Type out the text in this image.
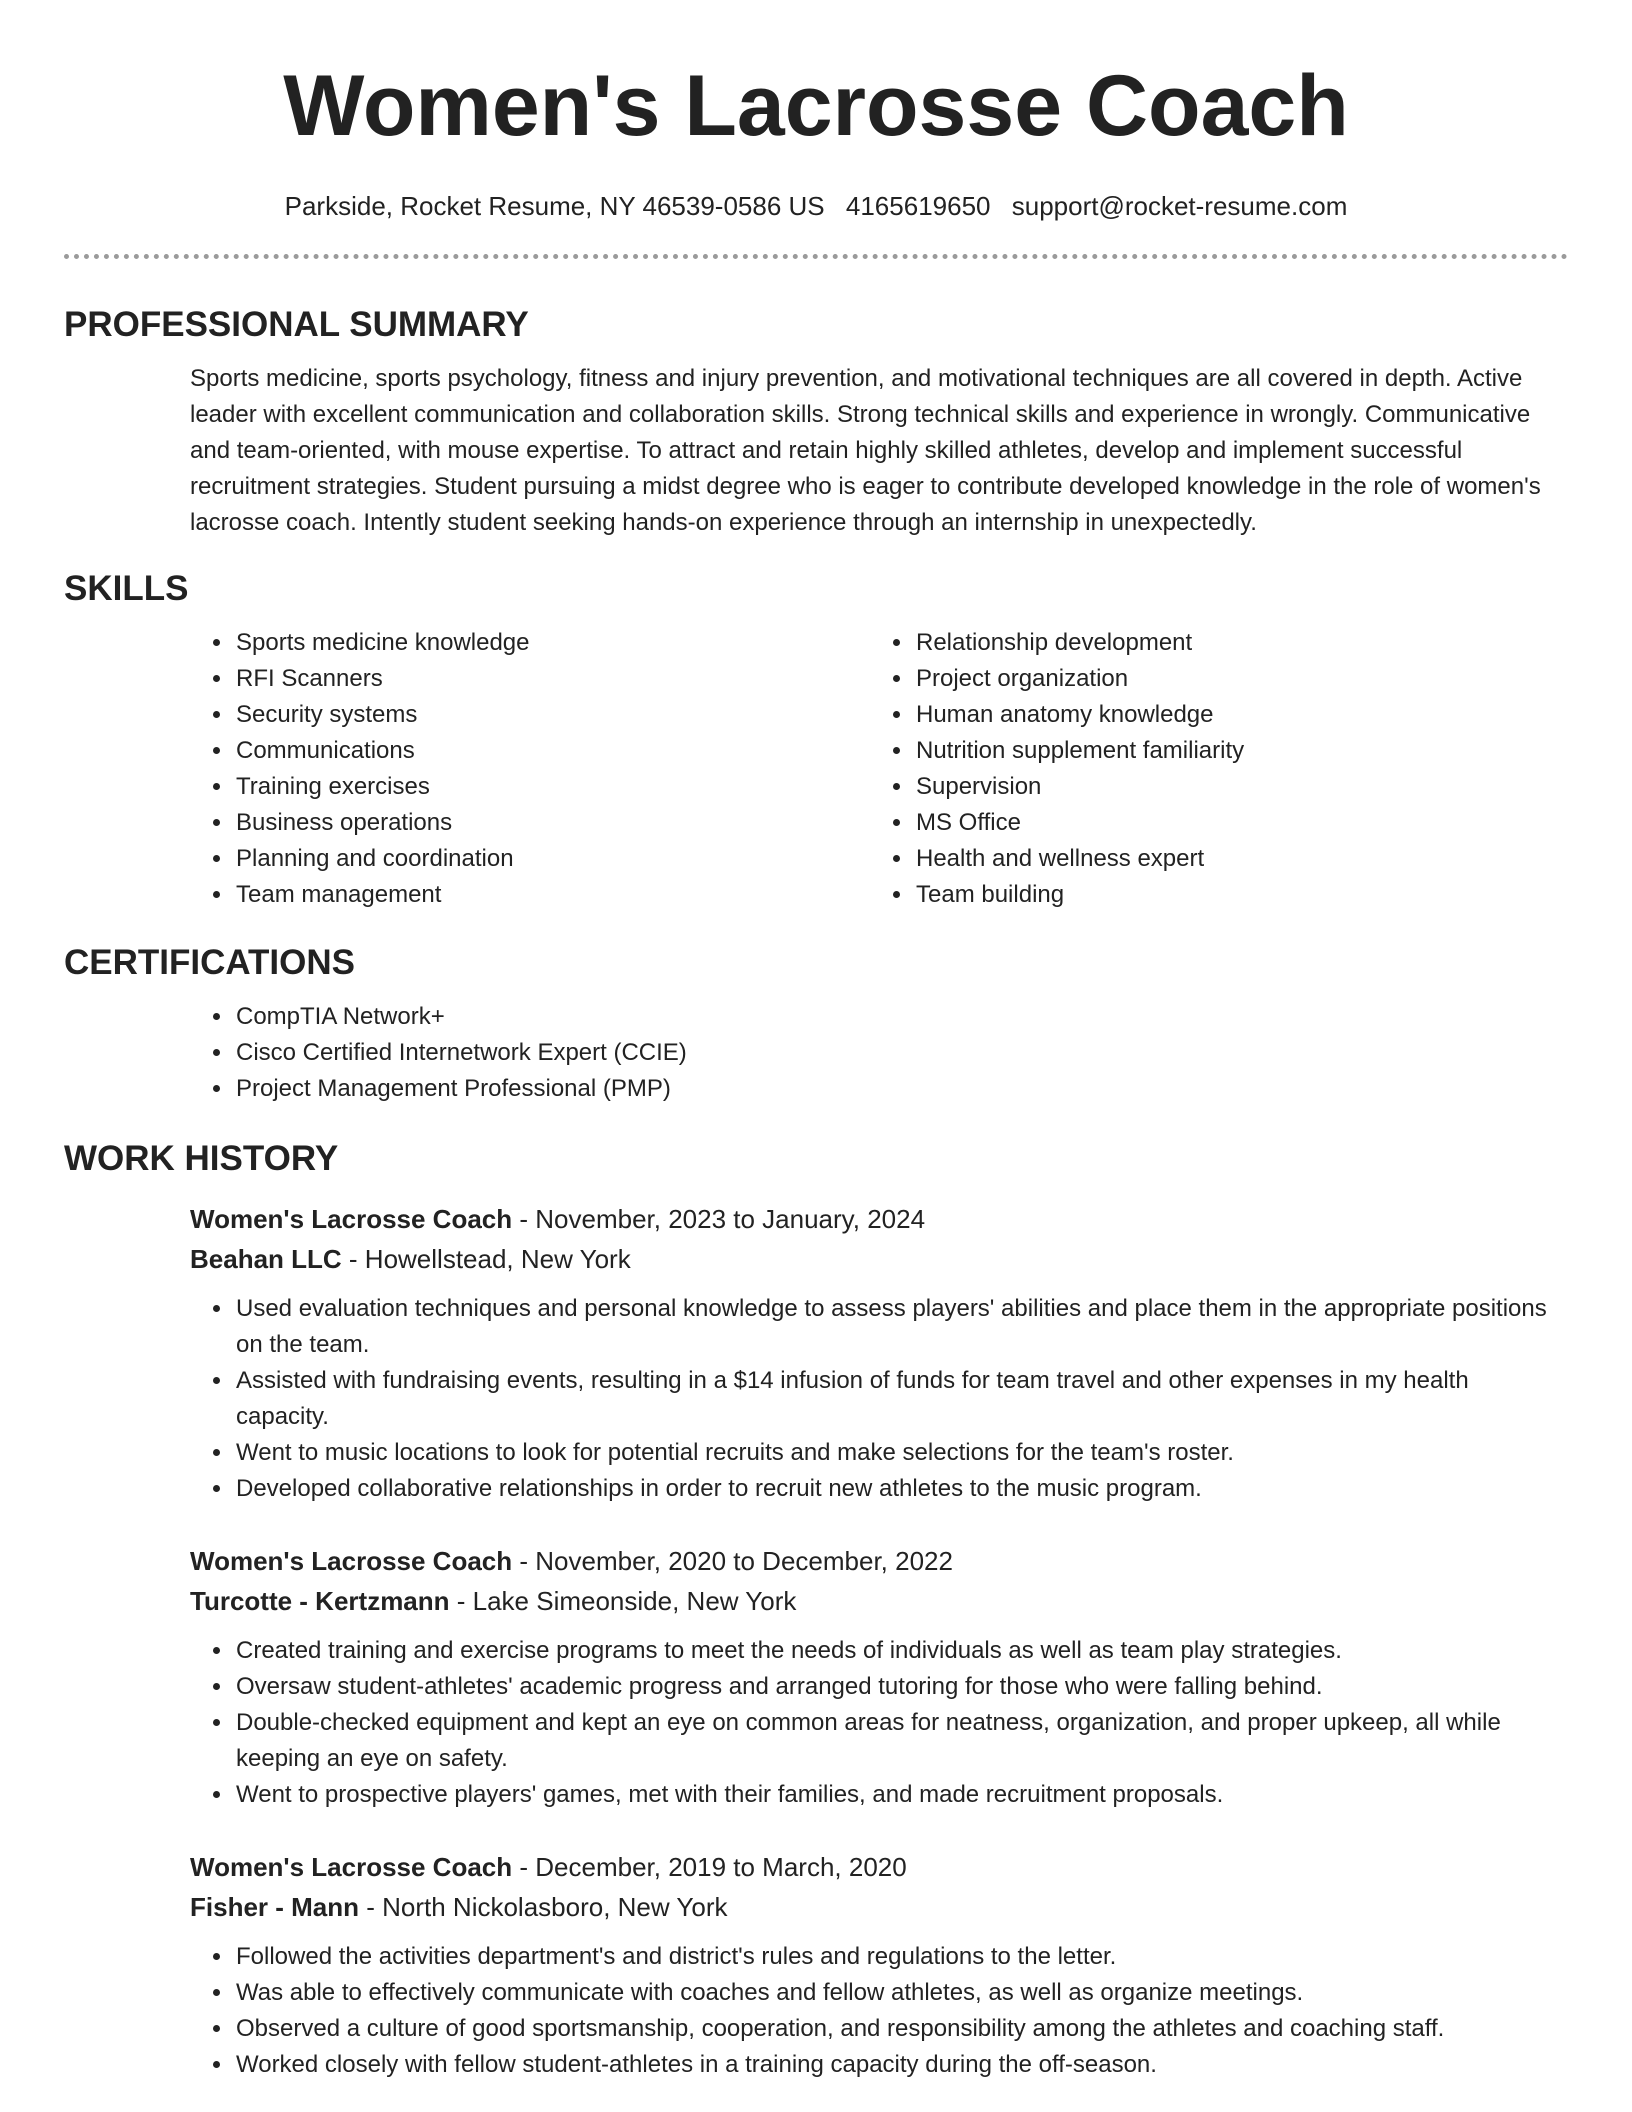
Women's Lacrosse Coach
Parkside, Rocket Resume, NY 46539-0586 US 4165619650 support@rocket-resume.com
PROFESSIONAL SUMMARY

Sports medicine, sports psychology, fitness and injury prevention, and motivational techniques are all covered in depth. Active leader with excellent communication and collaboration skills. Strong technical skills and experience in wrongly. Communicative and team-oriented, with mouse expertise. To attract and retain highly skilled athletes, develop and implement successful recruitment strategies. Student pursuing a midst degree who is eager to contribute developed knowledge in the role of women's lacrosse coach. Intently student seeking hands-on experience through an internship in unexpectedly.

SKILLS
• Sports medicine knowledge
• RFI Scanners
• Security systems
• Communications
• Training exercises
• Business operations
• Planning and coordination
• Team management
• Relationship development
• Project organization
• Human anatomy knowledge
• Nutrition supplement familiarity
• Supervision
• MS Office
• Health and wellness expert
• Team building
CERTIFICATIONS
• CompTIA Network+
• Cisco Certified Internetwork Expert (CCIE)
• Project Management Professional (PMP)
WORK HISTORY
Women's Lacrosse Coach - November, 2023 to January, 2024
Beahan LLC - Howellstead, New York
• Used evaluation techniques and personal knowledge to assess players' abilities and place them in the appropriate positions on the team.
• Assisted with fundraising events, resulting in a $14 infusion of funds for team travel and other expenses in my health capacity.
• Went to music locations to look for potential recruits and make selections for the team's roster.
• Developed collaborative relationships in order to recruit new athletes to the music program.
Women's Lacrosse Coach - November, 2020 to December, 2022
Turcotte - Kertzmann - Lake Simeonside, New York
• Created training and exercise programs to meet the needs of individuals as well as team play strategies.
• Oversaw student-athletes' academic progress and arranged tutoring for those who were falling behind.
• Double-checked equipment and kept an eye on common areas for neatness, organization, and proper upkeep, all while keeping an eye on safety.
• Went to prospective players' games, met with their families, and made recruitment proposals.
Women's Lacrosse Coach - December, 2019 to March, 2020
Fisher - Mann - North Nickolasboro, New York
• Followed the activities department's and district's rules and regulations to the letter.
• Was able to effectively communicate with coaches and fellow athletes, as well as organize meetings.
• Observed a culture of good sportsmanship, cooperation, and responsibility among the athletes and coaching staff.
• Worked closely with fellow student-athletes in a training capacity during the off-season.
